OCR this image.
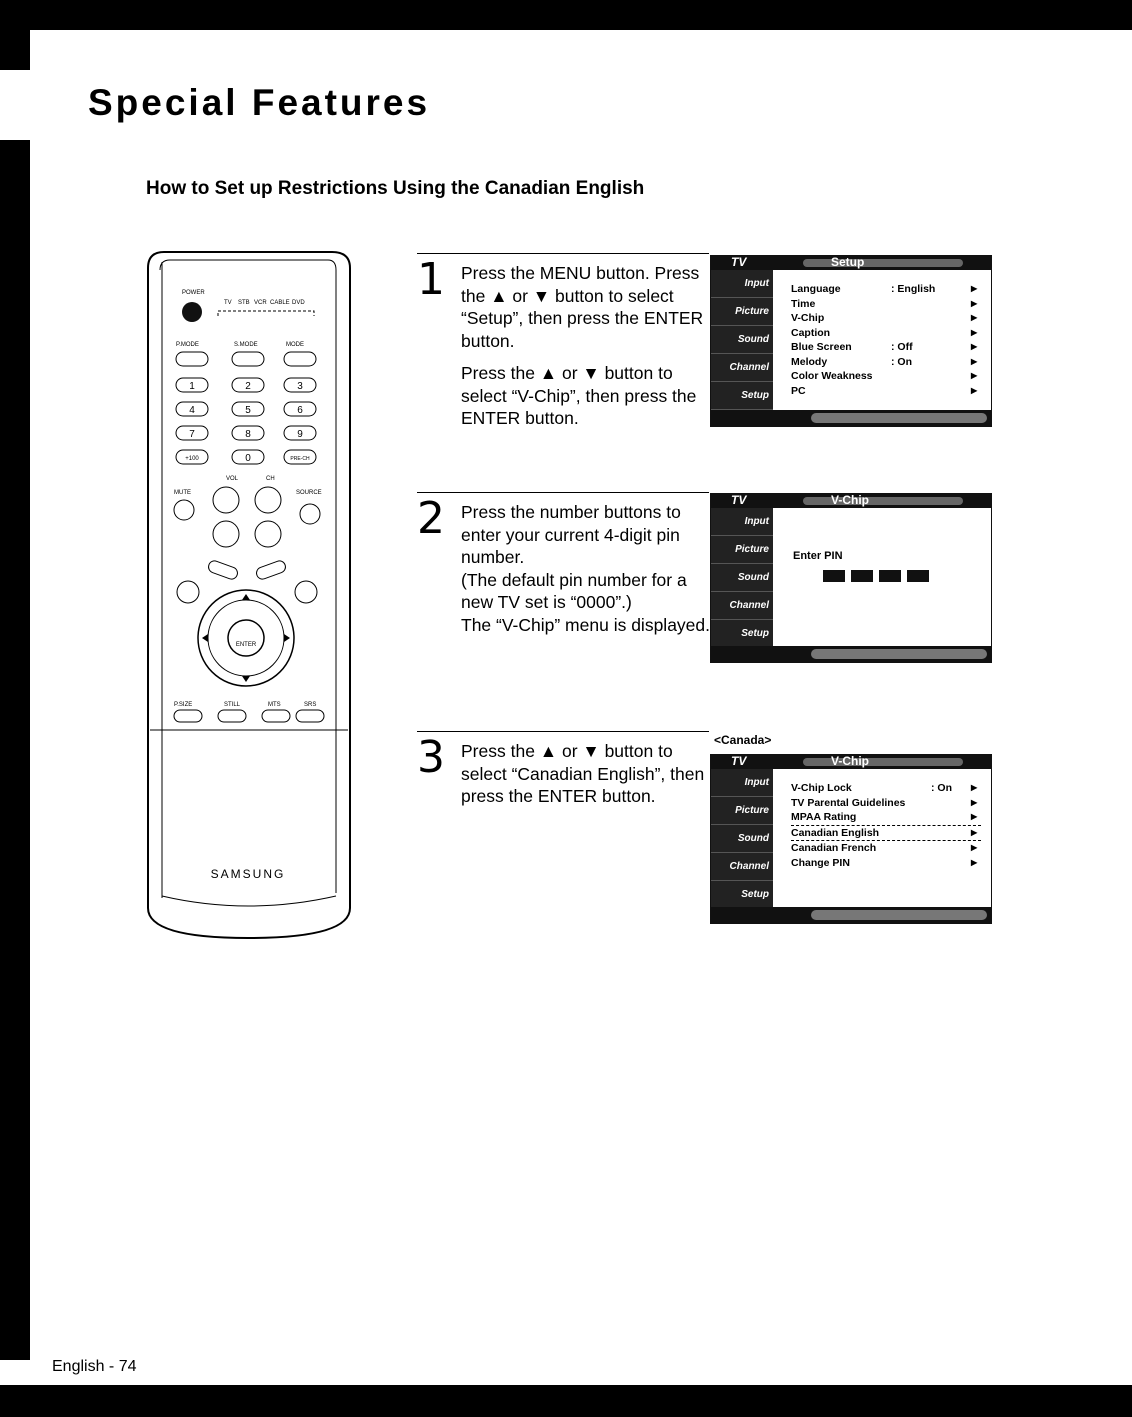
Special Features
How to Set up Restrictions Using the Canadian English
POWER
TV STB VCR CABLE DVD
P.MODE	S.MODE	MODE
1	2	3
4	5	6
7	8	9
+100	0	PRE-CH
VOL	CH
MUTE	SOURCE
ENTER
P.SIZE	STILL	MTS	SRS
SAMSUNG
1 Press the MENU button. Press the ▲ or ▼ button to select “Setup”, then press the ENTER button.

Press the ▲ or ▼ button to select “V-Chip”, then press the ENTER button.

TV	Setup
Input
Picture
Sound
Channel
Setup
Language	: English	▶
Time	▶
V-Chip	▶
Caption	▶
Blue Screen	: Off	▶
Melody	: On	▶
Color Weakness	▶
PC	▶
2 Press the number buttons to enter your current 4-digit pin number.

(The default pin number for a new TV set is “0000”.)

The “V-Chip” menu is displayed.

TV	V-Chip
Input
Picture
Sound
Channel
Setup
Enter PIN
3 Press the ▲ or ▼ button to select “Canadian English”, then press the ENTER button.

<Canada>
TV	V-Chip
Input
Picture
Sound
Channel
Setup
V-Chip Lock	: On ▶
TV Parental Guidelines	▶
MPAA Rating	▶
Canadian English	▶
Canadian French	▶
Change PIN	▶
English - 74
